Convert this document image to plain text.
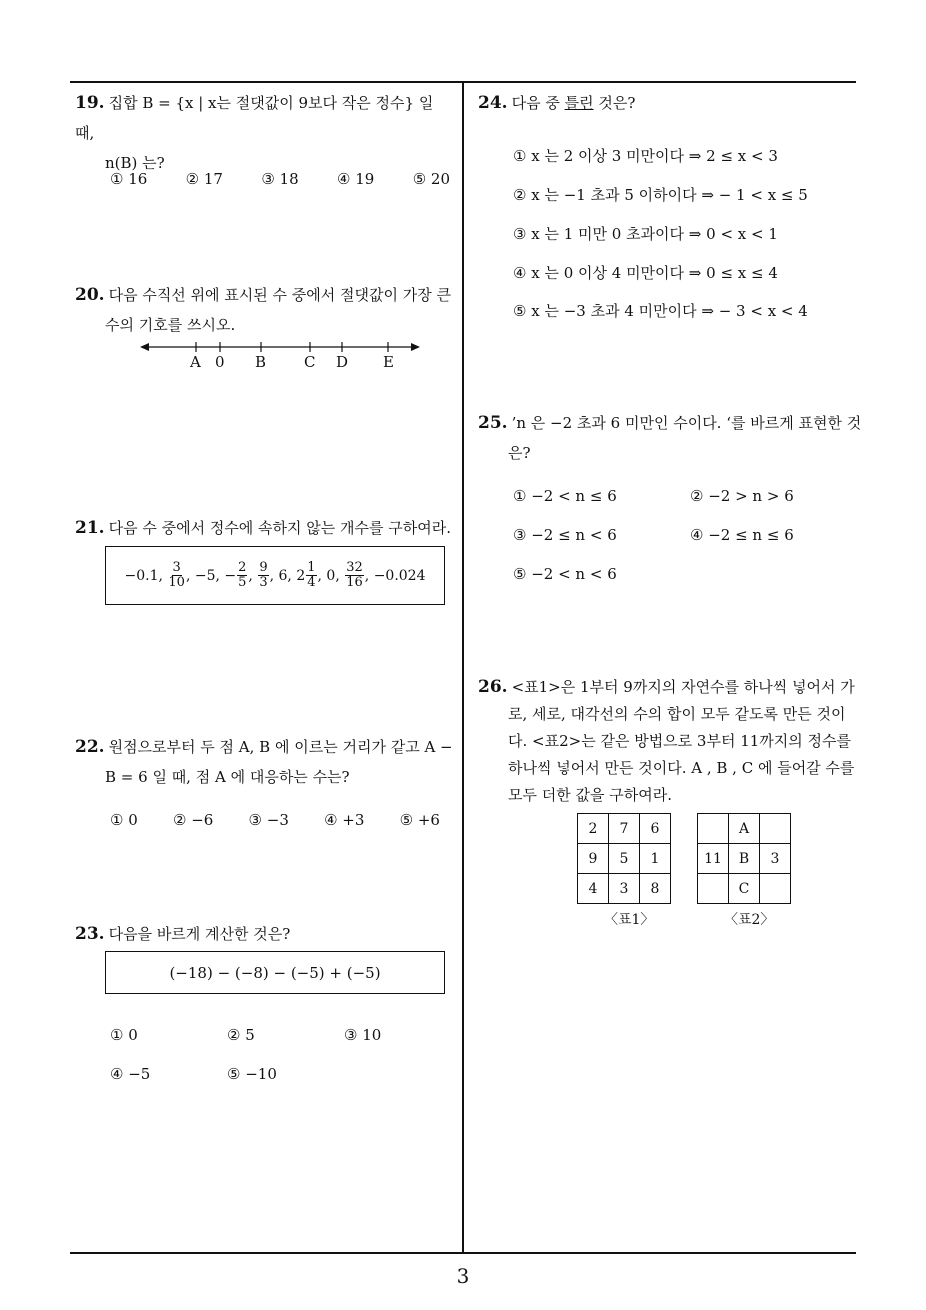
3
19. 집합 B = {x | x는 절댓값이 9보다 작은 정수} 일 때,
n(B) 는?
① 16	② 17	③ 18	④ 19	⑤ 20
20. 다음 수직선 위에 표시된 수 중에서 절댓값이 가장 큰
수의 기호를 쓰시오.
A 0 B	C D E
21. 다음 수 중에서 정수에 속하지 않는 개수를 구하여라.
−0.1,
$\frac{3}{10}$ ,
−5,
− $\frac{2}{5}$ ,
$\frac{9}{3}$ ,
6,
$2 \frac{1}{4}$ ,
0,
$\frac{32}{16}$ ,
−0.024
22. 원점으로부터 두 점 A, B 에 이르는 거리가 같고 A −
B = 6 일 때, 점 A 에 대응하는 수는?
① 0 ② −6 ③ −3 ④ +3 ⑤ +6
23. 다음을 바르게 계산한 것은?
(−18) − (−8) − (−5) + (−5)
① 0	② 5	③ 10
④ −5	⑤ −10
24. 다음 중 틀린 것은?
① x 는 2 이상 3 미만이다 ⇒ 2 ≤ x < 3
② x 는 −1 초과 5 이하이다 ⇒ − 1 < x ≤ 5
③ x 는 1 미만 0 초과이다 ⇒ 0 < x < 1
④ x 는 0 이상 4 미만이다 ⇒ 0 ≤ x ≤ 4
⑤ x 는 −3 초과 4 미만이다 ⇒ − 3 < x < 4
25. ’n 은 −2 초과 6 미만인 수이다. ‘를 바르게 표현한 것
은?
① −2 < n ≤ 6	② −2 > n > 6
③ −2 ≤ n < 6	④ −2 ≤ n ≤ 6
⑤ −2 < n < 6
26. <표1>은 1부터 9까지의 자연수를 하나씩 넣어서 가
로, 세로, 대각선의 수의 합이 모두 같도록 만든 것이
다. <표2>는 같은 방법으로 3부터 11까지의 정수를
하나씩 넣어서 만든 것이다. A , B , C 에 들어갈 수를
모두 더한 값을 구하여라.
2	7	6
9	5	1
4	3	8
	A	
11	B	3
	C	
〈표1〉	〈표2〉
